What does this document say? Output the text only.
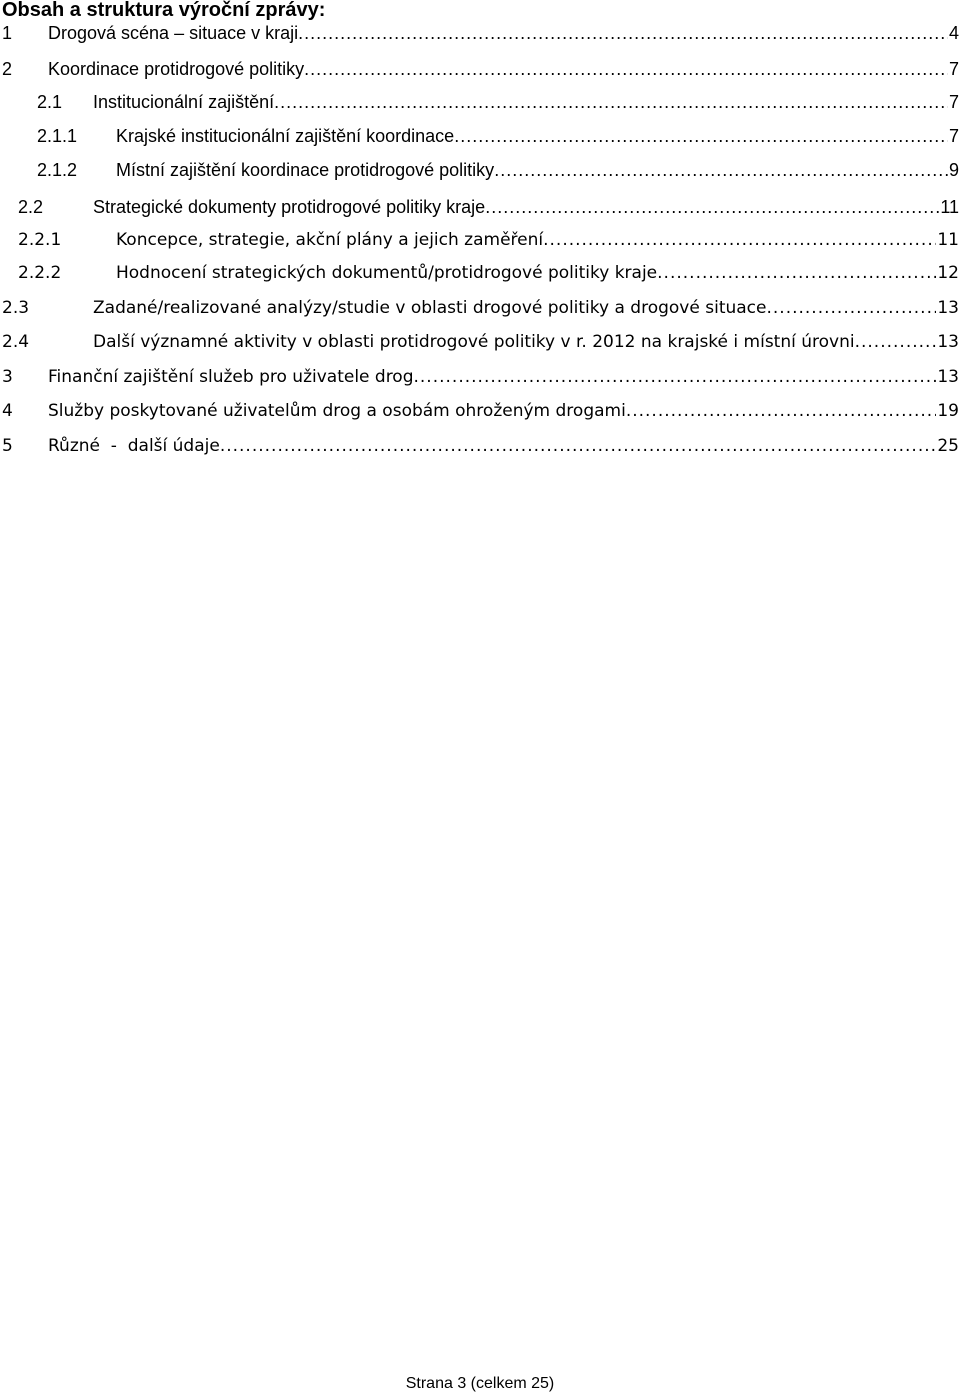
Obsah a struktura výroční zprávy:
1 Drogová scéna – situace v kraji .....	4
2 Koordinace protidrogové politiky .....	7
2.1 Institucionální zajištění .....	7
2.1.1 Krajské institucionální zajištění koordinace .....	7
2.1.2 Místní zajištění koordinace protidrogové politiky .....	9
2.2	Strategické dokumenty protidrogové politiky kraje .....	11
2.2.1	Koncepce, strategie, akční plány a jejich zaměření .....	11
2.2.2	Hodnocení strategických dokumentů/protidrogové politiky kraje .....	12
2.3	Zadané/realizované analýzy/studie v oblasti drogové politiky a drogové situace .....	13
2.4	Další významné aktivity v oblasti protidrogové politiky v r. 2012 na krajské i místní úrovni .....	13
3 Finanční zajištění služeb pro uživatele drog .....	13
4 Služby poskytované uživatelům drog a osobám ohroženým drogami .....	19
5 Různé  -  další údaje .....	25
Strana 3 (celkem 25)
